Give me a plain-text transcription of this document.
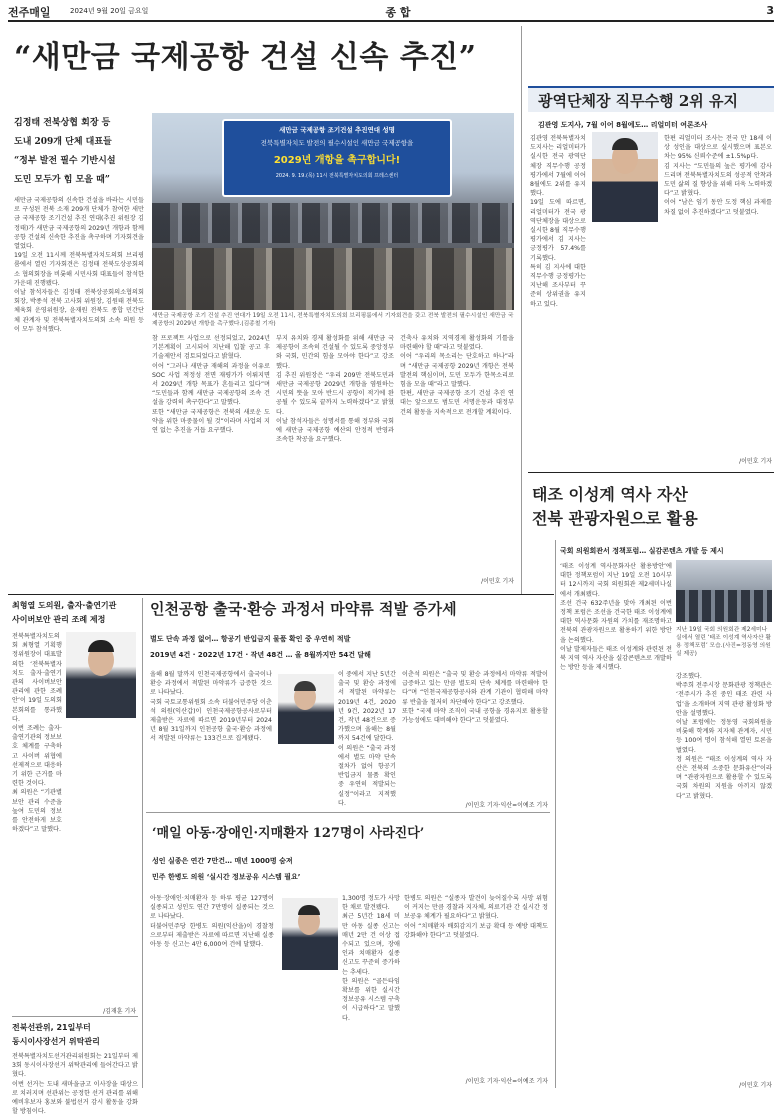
전주매일	2024년 9월 20일 금요일	종 합	3
“새만금 국제공항 건설 신속 추진”
김정태 전북상협 회장 등
도내 209개 단체 대표들
“정부 발전 필수 기반시설
도민 모두가 힘 모을 때”
새만금 국제공항 조기건설 추진연대 성명
전북특별자치도 발전의 필수시설인 새만금 국제공항을
2029년 개항을 촉구합니다!
2024. 9. 19.(목) 11시 전북특별자치도의회 프레스센터
새만금 국제공항 조기 건설 추진 연대가 19일 오전 11시, 전북특별자치도의회 브리핑룸에서 기자회견을 갖고 전북 발전의 필수시설인 새만금 국제공항의 2029년 개항을 촉구했다.(김종철 기자)
새만금 국제공항의 신속한 건설을 바라는 시민들로 구성된 전북 소재 209개 단체가 참여한 새만금 국제공항 조기건설 추진 연대(추진 위원장 김정태)가 새만금 국제공항의 2029년 개항과 함께 공항 건설의 신속한 추진을 촉구하며 기자회견을 열었다.
19일 오전 11시께 전북특별자치도의회 브리핑룸에서 열린 기자회견은 김정태 전북도상공회의소 협의회장을 비롯해 시민사회 대표들이 참석한 가운데 진행됐다.
이날 참석자들은 김정태 전북상공회의소협의회 회장, 박종석 전북 고사회 위원장, 김원태 전북도체육회 운영위원장, 윤재원 전북도 종합 민간단체 관계자 및 전북특별자치도의회 소속 의원 등이 모두 참석했다.
참 프로젝트 사업으로 선정되었고, 2024년 기본계획이 고시되어 지난해 입찰 공고 후 기술제안서 검토되었다고 밝혔다.
이어 “그러나 새만금 재해의 과정을 이유로 SOC 사업 적정성 전면 재평가가 이뤄지면서 2029년 개항 목표가 흔들리고 있다”며 “도민들과 함께 새만금 국제공항의 조속 건설을 강력히 촉구한다”고 말했다.
또한 “새만금 국제공항은 전북의 새로운 도약을 위한 마중물이 될 것”이라며 사업의 지연 없는 추진을 거듭 요구했다.
부지 유치와 경제 활성화를 위해 새만금 국제공항이 조속히 건설될 수 있도록 중앙정부와 국회, 민간의 힘을 모아야 한다”고 강조했다.
김 추진 위원장은 “우리 209만 전북도민과 새만금 국제공항 2029년 개항을 염원하는 시민의 뜻을 모아 반드시 공항이 적기에 완공될 수 있도록 끝까지 노력하겠다”고 밝혔다.
이날 참석자들은 성명서를 통해 정부와 국회에 새만금 국제공항 예산의 안정적 반영과 조속한 착공을 요구했다.
건축사 유치와 지역경제 활성화의 기틀을 마련해야 할 때”라고 덧붙였다.
이어 “우리의 목소리는 단호하고 하나”라며 “새만금 국제공항 2029년 개항은 전북 발전의 핵심이며, 도민 모두가 한목소리로 힘을 모을 때”라고 말했다.
한편, 새만금 국제공항 조기 건설 추진 연대는 앞으로도 범도민 서명운동과 대정부 건의 활동을 지속적으로 전개할 계획이다.
/이민호 기자
광역단체장 직무수행 2위 유지
김관영 도지사, 7월 이어 8월에도… 리얼미터 여론조사
김관영 전북특별자치도지사는 리얼미터가 실시한 전국 광역단체장 직무수행 공정평가에서 7월에 이어 8월에도 2위를 유지했다.
19일 도에 따르면, 리얼미터가 전국 광역단체장을 대상으로 실시한 8월 직무수행 평가에서 김 지사는 긍정평가 57.4%를 기록했다.
특히 김 지사에 대한 직무수행 긍정평가는 지난해 조사부터 꾸준히 상위권을 유지하고 있다.
한편 리얼미터 조사는 전국 만 18세 이상 성인을 대상으로 실시했으며 표본오차는 95% 신뢰수준에 ±1.5%p다.
김 지사는 “도민들의 높은 평가에 감사드리며 전북특별자치도의 성공적 안착과 도민 삶의 질 향상을 위해 더욱 노력하겠다”고 밝혔다.
이어 “남은 임기 동안 도정 핵심 과제를 차질 없이 추진하겠다”고 덧붙였다.
/이민호 기자
태조 이성계 역사 자산
전북 관광자원으로 활용
국회 의원회관서 정책포럼… 실감콘텐츠 개발 등 제시
‘태조 이성계 역사문화자산 활용방안’에 대한 정책포럼이 지난 19일 오전 10시부터 12시까지 국회 의원회관 제2세미나실에서 개최됐다.
조선 건국 632주년을 맞아 개최된 이번 정책 포럼은 조선을 건국한 태조 이성계에 대한 역사문화 자원의 가치를 재조명하고 전북의 관광자원으로 활용하기 위한 방안을 논의했다.
이날 발제자들은 태조 이성계와 관련된 전북 지역 역사 자산을 실감콘텐츠로 개발하는 방안 등을 제시했다.
지난 19일 국회 의원회관 제2세미나실에서 열린 ‘태조 이성계 역사자산 활용 정책포럼’ 모습.(사진=정동영 의원실 제공)
강조했다.
박주희 전주시장 문화관광 정책관은 ‘전주시가 추진 중인 태조 관련 사업’을 소개하며 지역 관광 활성화 방안을 설명했다.
이날 포럼에는 정동영 국회의원을 비롯해 학계와 지자체 관계자, 시민 등 100여 명이 참석해 열띤 토론을 벌였다.
정 의원은 “태조 이성계의 역사 자산은 전북의 소중한 문화유산”이라며 “관광자원으로 활용할 수 있도록 국회 차원의 지원을 아끼지 않겠다”고 밝혔다.
/이민호 기자
최형열 도의원, 출자·출연기관
사이버보안 관리 조례 제정
전북특별자치도의회 최형열 기획행정위원장이 대표발의한 ‘전북특별자치도 출자·출연기관의 사이버보안 관리에 관한 조례안’이 19일 도의회 본회의를 통과했다.
이번 조례는 출자·출연기관의 정보보호 체계를 구축하고 사이버 위협에 선제적으로 대응하기 위한 근거를 마련한 것이다.
최 의원은 “기관별 보안 관리 수준을 높여 도민의 정보를 안전하게 보호하겠다”고 말했다.
/김재훈 기자
전북선관위, 21일부터
동시이사장선거 위탁관리
전북특별자치도선거관리위원회는 21일부터 제3회 동시이사장선거 위탁관리에 들어간다고 밝혔다.
이번 선거는 도내 새마을금고 이사장을 대상으로 치러지며 선관위는 공정한 선거 관리를 위해 예비후보자 홍보와 불법선거 감시 활동을 강화할 방침이다.
인천공항 출국·환승 과정서 마약류 적발 증가세
별도 단속 과정 없어… 항공기 반입금지 물품 확인 중 우연히 적발
2019년 4건 · 2022년 17건 · 작년 48건 … 올 8월까지만 54건 달해
올해 8월 말까지 인천국제공항에서 출국이나 환승 과정에서 적발된 마약류가 급증한 것으로 나타났다.
국회 국토교통위원회 소속 더불어민주당 이춘석 의원(익산갑)이 인천국제공항공사로부터 제출받은 자료에 따르면 2019년부터 2024년 8월 31일까지 인천공항 출국·환승 과정에서 적발된 마약류는 133건으로 집계됐다.
이 중에서 지난 5년간 출국 및 환승 과정에서 적발된 마약류는 2019년 4건, 2020년 9건, 2022년 17건, 작년 48건으로 증가했으며 올해는 8월까지 54건에 달한다.
이 의원은 “출국 과정에서 별도 마약 단속 절차가 없어 항공기 반입금지 물품 확인 중 우연히 적발되는 실정”이라고 지적했다.
이춘석 의원은 “출국 및 환승 과정에서 마약류 적발이 급증하고 있는 만큼 별도의 단속 체계를 마련해야 한다”며 “인천국제공항공사와 관계 기관이 협력해 마약류 반출을 철저히 차단해야 한다”고 강조했다.
또한 “국제 마약 조직이 국내 공항을 경유지로 활용할 가능성에도 대비해야 한다”고 덧붙였다.
/이민호 기자·익산=이예조 기자
‘매일 아동·장애인·지매환자 127명이 사라진다’
성인 실종은 연간 7만건… 매년 1000명 숨져
민주 한병도 의원 ‘실시간 정보공유 시스템 필요’
아동·장애인·치매환자 등 하루 평균 127명이 실종되고 성인도 연간 7만명이 실종되는 것으로 나타났다.
더불어민주당 한병도 의원(익산을)이 경찰청으로부터 제출받은 자료에 따르면 지난해 실종 아동 등 신고는 4만 6,000여 건에 달했다.
1,300명 정도가 사망한 채로 발견됐다.
최근 5년간 18세 미만 아동 실종 신고는 매년 2만 건 이상 접수되고 있으며, 장애인과 치매환자 실종 신고도 꾸준히 증가하는 추세다.
한 의원은 “골든타임 확보를 위한 실시간 정보공유 시스템 구축이 시급하다”고 말했다.
한병도 의원은 “실종자 발견이 늦어질수록 사망 위험이 커지는 만큼 경찰과 지자체, 의료기관 간 실시간 정보공유 체계가 필요하다”고 밝혔다.
이어 “치매환자 배회감지기 보급 확대 등 예방 대책도 강화해야 한다”고 덧붙였다.
/이민호 기자·익산=이예조 기자
